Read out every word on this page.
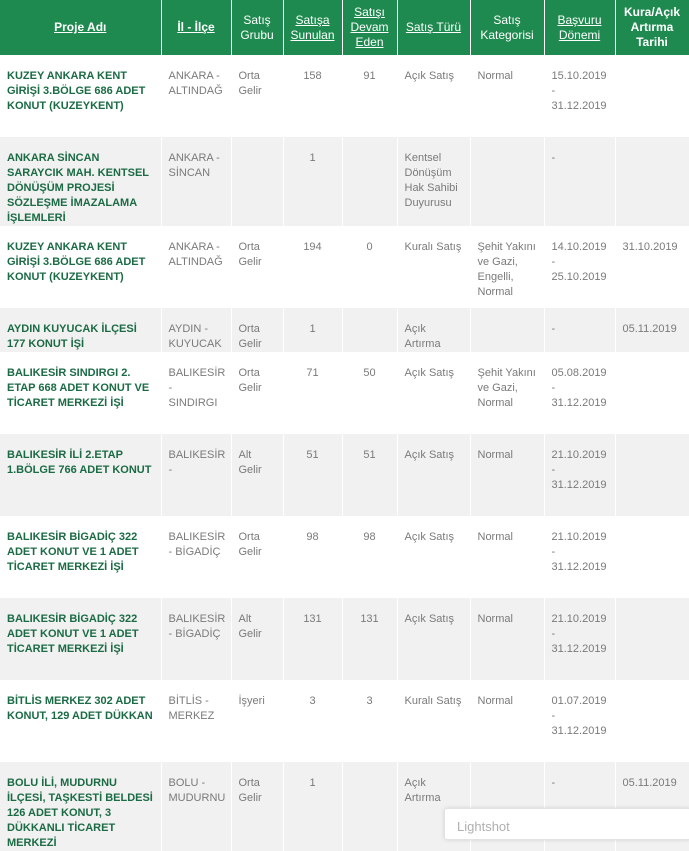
Proje Adı	İl - İlçe	Satış Grubu	Satışa Sunulan	Satışı Devam Eden	Satış Türü	Satış Kategorisi	Başvuru Dönemi	Kura/Açık Artırma Tarihi
KUZEY ANKARA KENT GİRİŞİ 3.BÖLGE 686 ADET KONUT (KUZEYKENT)	ANKARA - ALTINDAĞ	Orta Gelir	158	91	Açık Satış	Normal	15.10.2019 - 31.12.2019	
ANKARA SİNCAN SARAYCIK MAH. KENTSEL DÖNÜŞÜM PROJESİ SÖZLEŞME İMAZALAMA İŞLEMLERİ	ANKARA - SİNCAN		1		Kentsel Dönüşüm Hak Sahibi Duyurusu		-	
KUZEY ANKARA KENT GİRİŞİ 3.BÖLGE 686 ADET KONUT (KUZEYKENT)	ANKARA - ALTINDAĞ	Orta Gelir	194	0	Kuralı Satış	Şehit Yakını ve Gazi, Engelli, Normal	14.10.2019 - 25.10.2019	31.10.2019
AYDIN KUYUCAK İLÇESİ 177 KONUT İŞİ	AYDIN - KUYUCAK	Orta Gelir	1		Açık Artırma		-	05.11.2019
BALIKESİR SINDIRGI 2. ETAP 668 ADET KONUT VE TİCARET MERKEZİ İŞİ	BALIKESİR - SINDIRGI	Orta Gelir	71	50	Açık Satış	Şehit Yakını ve Gazi, Normal	05.08.2019 - 31.12.2019	
BALIKESİR İLİ 2.ETAP 1.BÖLGE 766 ADET KONUT	BALIKESİR -	Alt Gelir	51	51	Açık Satış	Normal	21.10.2019 - 31.12.2019	
BALIKESİR BİGADİÇ 322 ADET KONUT VE 1 ADET TİCARET MERKEZİ İŞİ	BALIKESİR - BİGADİÇ	Orta Gelir	98	98	Açık Satış	Normal	21.10.2019 - 31.12.2019	
BALIKESİR BİGADİÇ 322 ADET KONUT VE 1 ADET TİCARET MERKEZİ İŞİ	BALIKESİR - BİGADİÇ	Alt Gelir	131	131	Açık Satış	Normal	21.10.2019 - 31.12.2019	
BİTLİS MERKEZ 302 ADET KONUT, 129 ADET DÜKKAN	BİTLİS - MERKEZ	İşyeri	3	3	Kuralı Satış	Normal	01.07.2019 - 31.12.2019	
BOLU İLİ, MUDURNU İLÇESİ, TAŞKESTİ BELDESİ 126 ADET KONUT, 3 DÜKKANLI TİCARET MERKEZİ	BOLU - MUDURNU	Orta Gelir	1		Açık Artırma		-	05.11.2019
Lightshot
